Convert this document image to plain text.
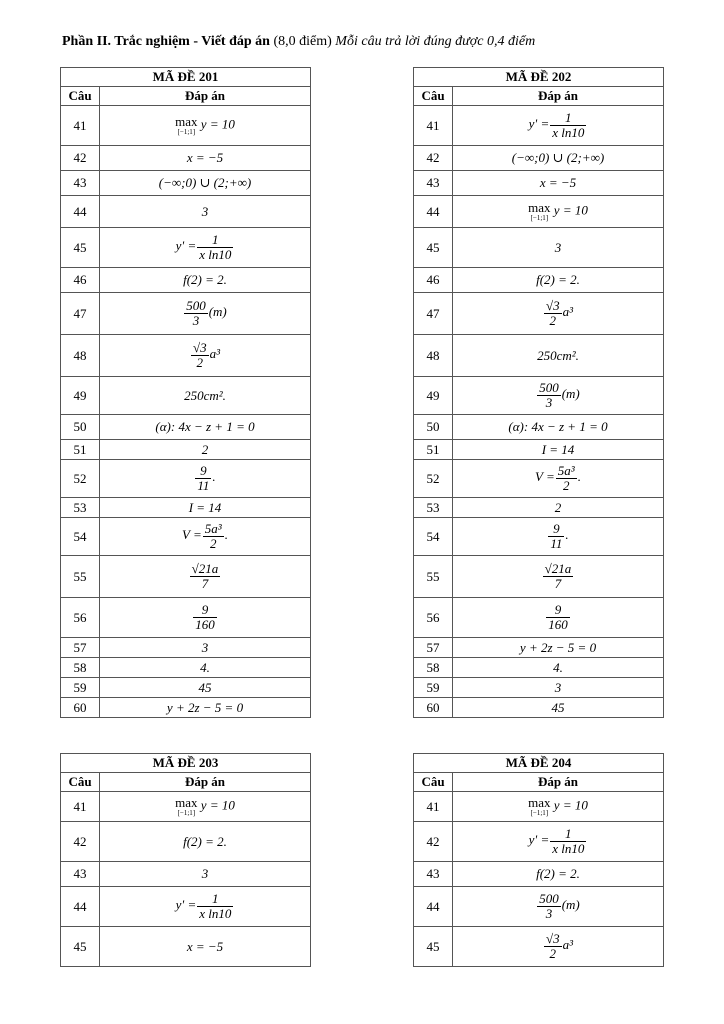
Phần II. Trắc nghiệm - Viết đáp án (8,0 điểm) Mỗi câu trả lời đúng được 0,4 điểm
MÃ ĐỀ 201	
Câu	Đáp án
41	max
[−1;1]
y = 10
42	x = −5
43	(−∞;0) ∪ (2;+∞)
44	3
45	$y' = \frac{1}{\text{x ln10}}$

46	f(2) = 2.
47	$\frac{500}{3} (m)$
48	$\frac{√3}{2} a^3$
49	250cm².
50	(α): 4x − z + 1 = 0
51	2
52	$\frac{9}{11}$ .
53	I = 14
54	$V = \frac{\text{5a³}}{2}$ .
55	$\frac{√21a}{7}$

56	$\frac{9}{160}$

57	3
58	4.
59	45
60	y + 2z − 5 = 0
MÃ ĐỀ 202	
Câu	Đáp án
41	$y' = \frac{1}{\text{x ln10}}$

42	(−∞;0) ∪ (2;+∞)
43	x = −5
44	max
[−1;1]
y = 10
45	3
46	f(2) = 2.
47	$\frac{√3}{2} a^3$
48	250cm².
49	$\frac{500}{3} (m)$
50	(α): 4x − z + 1 = 0
51	I = 14
52	$V = \frac{\text{5a³}}{2}$ .
53	2
54	$\frac{9}{11}$ .
55	$\frac{√21a}{7}$

56	$\frac{9}{160}$

57	y + 2z − 5 = 0
58	4.
59	3
60	45
MÃ ĐỀ 203	
Câu	Đáp án
41	max
[−1;1]
y = 10
42	f(2) = 2.
43	3
44	$y' = \frac{1}{\text{x ln10}}$

45	x = −5
MÃ ĐỀ 204	
Câu	Đáp án
41	max
[−1;1]
y = 10
42	$y' = \frac{1}{\text{x ln10}}$

43	f(2) = 2.
44	$\frac{500}{3} (m)$
45	$\frac{√3}{2} a^3$
